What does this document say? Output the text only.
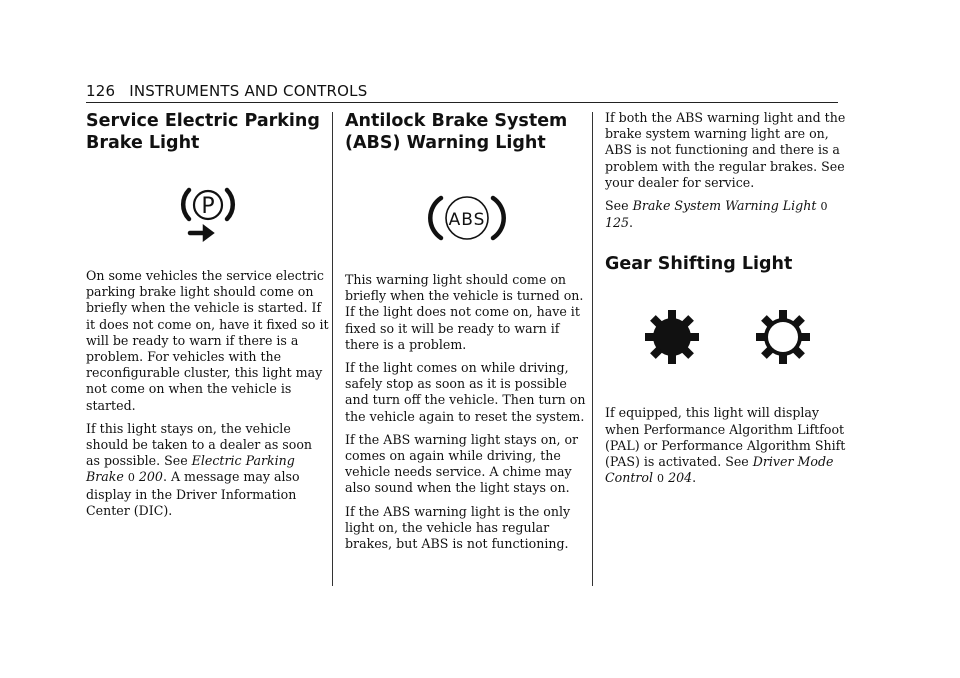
126 INSTRUMENTS AND CONTROLS
Service Electric Parking
Brake Light
P

On some vehicles the service electric parking brake light should come on briefly when the vehicle is started. If it does not come on, have it fixed so it will be ready to warn if there is a problem. For vehicles with the reconfigurable cluster, this light may not come on when the vehicle is started.

If this light stays on, the vehicle should be taken to a dealer as soon as possible. See Electric Parking Brake 0 200. A message may also display in the Driver Information Center (DIC).

Antilock Brake System
(ABS) Warning Light
ABS

This warning light should come on briefly when the vehicle is turned on. If the light does not come on, have it fixed so it will be ready to warn if there is a problem.

If the light comes on while driving, safely stop as soon as it is possible and turn off the vehicle. Then turn on the vehicle again to reset the system.

If the ABS warning light stays on, or comes on again while driving, the vehicle needs service. A chime may also sound when the light stays on.

If the ABS warning light is the only light on, the vehicle has regular brakes, but ABS is not functioning.

If both the ABS warning light and the brake system warning light are on, ABS is not functioning and there is a problem with the regular brakes. See your dealer for service.

See Brake System Warning Light 0 125.

Gear Shifting Light

If equipped, this light will display when Performance Algorithm Liftfoot (PAL) or Performance Algorithm Shift (PAS) is activated. See Driver Mode Control 0 204.
